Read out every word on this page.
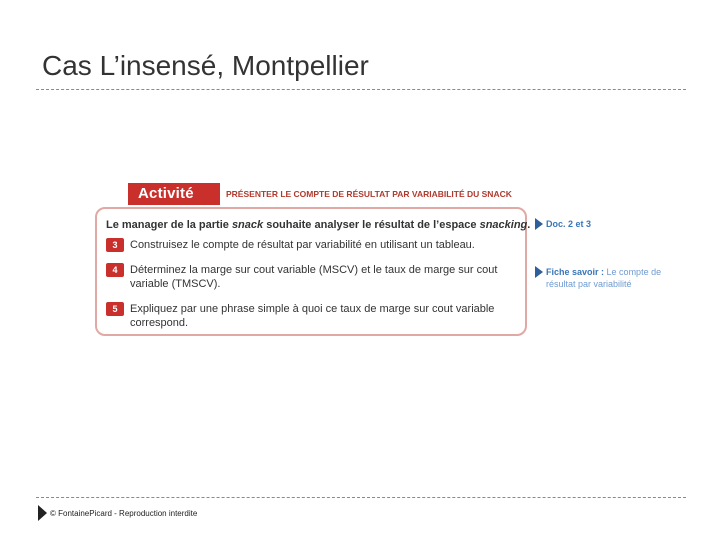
Cas L’insensé, Montpellier
Activité	PRÉSENTER LE COMPTE DE RÉSULTAT PAR VARIABILITÉ DU SNACK
Le manager de la partie snack souhaite analyser le résultat de l’espace snacking.
3	Construisez le compte de résultat par variabilité en utilisant un tableau.
4	Déterminez la marge sur cout variable (MSCV) et le taux de marge sur cout variable (TMSCV).
5	Expliquez par une phrase simple à quoi ce taux de marge sur cout variable correspond.
Doc. 2 et 3
Fiche savoir : Le compte de résultat par variabilité
© FontainePicard - Reproduction interdite
